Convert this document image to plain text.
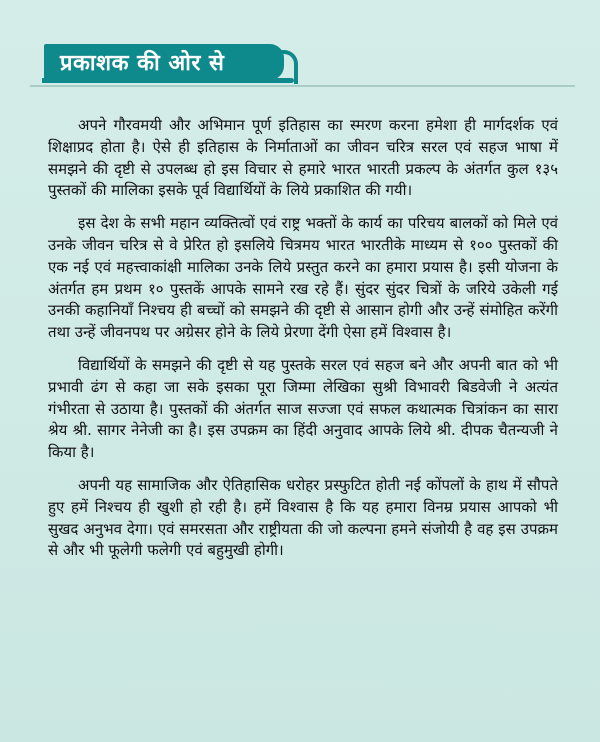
प्रकाशक की ओर से

अपने गौरवमयी और अभिमान पूर्ण इतिहास का स्मरण करना हमेशा ही मार्गदर्शक एवं शिक्षाप्रद होता है। ऐसे ही इतिहास के निर्माताओं का जीवन चरित्र सरल एवं सहज भाषा में समझने की दृष्टी से उपलब्ध हो इस विचार से हमारे भारत भारती प्रकल्प के अंतर्गत कुल १३५ पुस्तकों की मालिका इसके पूर्व विद्यार्थियों के लिये प्रकाशित की गयी।

इस देश के सभी महान व्यक्तित्वों एवं राष्ट्र भक्तों के कार्य का परिचय बालकों को मिले एवं उनके जीवन चरित्र से वे प्रेरित हो इसलिये चित्रमय भारत भारतीके माध्यम से १०० पुस्तकों की एक नई एवं महत्त्वाकांक्षी मालिका उनके लिये प्रस्तुत करने का हमारा प्रयास है। इसी योजना के अंतर्गत हम प्रथम १० पुस्तकें आपके सामने रख रहे हैं। सुंदर सुंदर चित्रों के जरिये उकेली गई उनकी कहानियाँ निश्चय ही बच्चों को समझने की दृष्टी से आसान होगी और उन्हें संमोहित करेंगी तथा उन्हें जीवनपथ पर अग्रेसर होने के लिये प्रेरणा देंगी ऐसा हमें विश्वास है।

विद्यार्थियों के समझने की दृष्टी से यह पुस्तके सरल एवं सहज बने और अपनी बात को भी प्रभावी ढंग से कहा जा सके इसका पूरा जिम्मा लेखिका सुश्री विभावरी बिडवेजी ने अत्यंत गंभीरता से उठाया है। पुस्तकों की अंतर्गत साज सज्जा एवं सफल कथात्मक चित्रांकन का सारा श्रेय श्री. सागर नेनेजी का है। इस उपक्रम का हिंदी अनुवाद आपके लिये श्री. दीपक चैतन्यजी ने किया है।

अपनी यह सामाजिक और ऐतिहासिक धरोहर प्रस्फुटित होती नई कोंपलों के हाथ में सौपते हुए हमें निश्चय ही खुशी हो रही है। हमें विश्वास है कि यह हमारा विनम्र प्रयास आपको भी सुखद अनुभव देगा। एवं समरसता और राष्ट्रीयता की जो कल्पना हमने संजोयी है वह इस उपक्रम से और भी फूलेगी फलेगी एवं बहुमुखी होगी।
